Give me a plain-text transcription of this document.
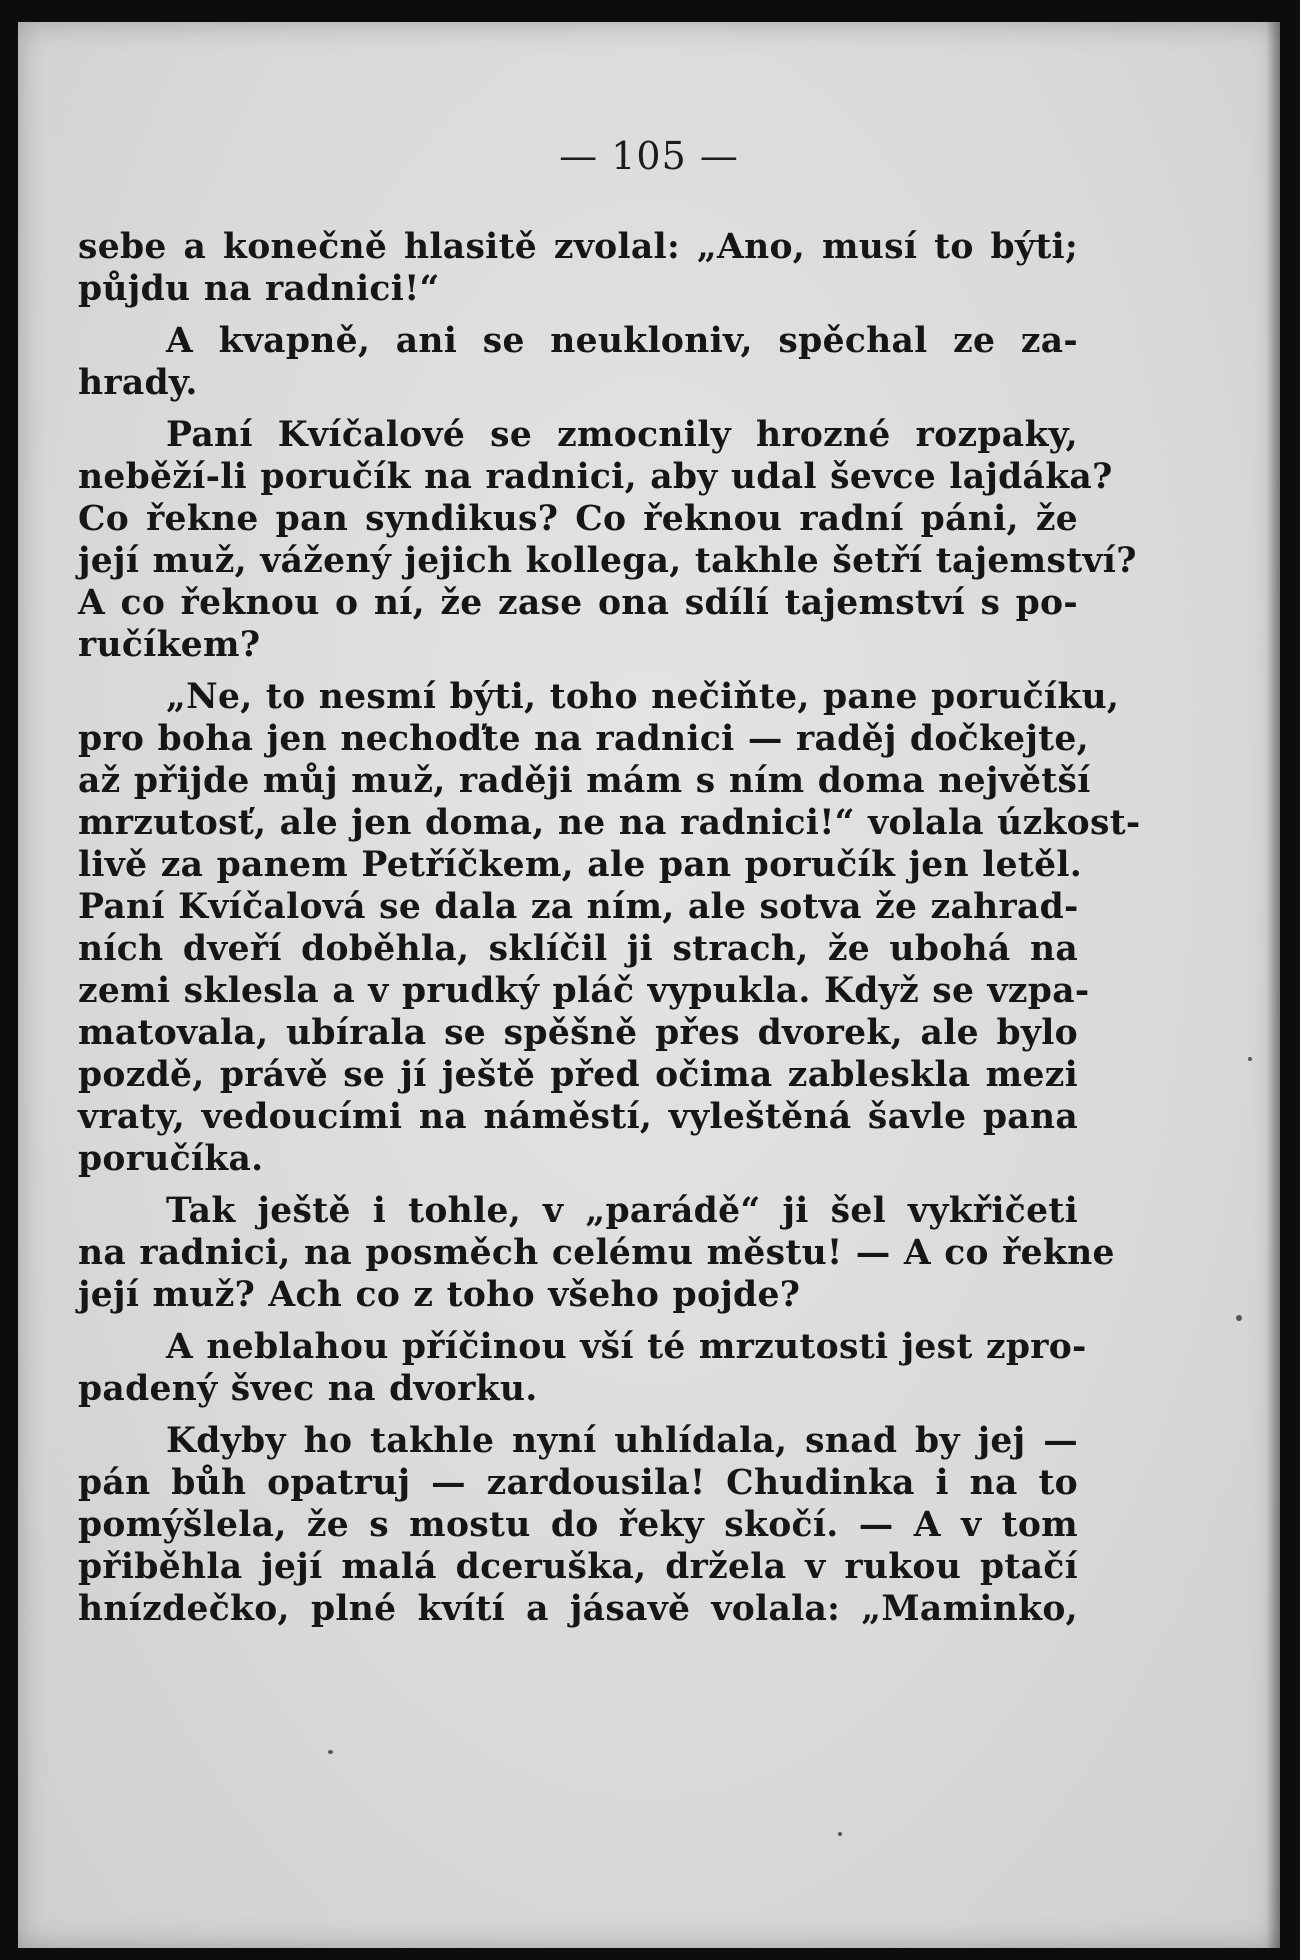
— 105 —
sebe a konečně hlasitě zvolal: „Ano, musí to býti;
půjdu na radnici!“
A kvapně, ani se neukloniv, spěchal ze za-
hrady.
Paní Kvíčalové se zmocnily hrozné rozpaky,
neběží-li poručík na radnici, aby udal ševce lajdáka?
Co řekne pan syndikus? Co řeknou radní páni, že
její muž, vážený jejich kollega, takhle šetří tajemství?
A co řeknou o ní, že zase ona sdílí tajemství s po-
ručíkem?
„Ne, to nesmí býti, toho nečiňte, pane poručíku,
pro boha jen nechoďte na radnici — raděj dočkejte,
až přijde můj muž, raději mám s ním doma největší
mrzutosť, ale jen doma, ne na radnici!“ volala úzkost-
livě za panem Petříčkem, ale pan poručík jen letěl.
Paní Kvíčalová se dala za ním, ale sotva že zahrad-
ních dveří doběhla, sklíčil ji strach, že ubohá na
zemi sklesla a v prudký pláč vypukla. Když se vzpa-
matovala, ubírala se spěšně přes dvorek, ale bylo
pozdě, právě se jí ještě před očima zablesklа mezi
vraty, vedoucími na náměstí, vyleštěná šavle pana
poručíka.
Tak ještě i tohle, v „parádě“ ji šel vykřičeti
na radnici, na posměch celému městu! — A co řekne
její muž? Ach co z toho všeho pojde?
A neblahou příčinou vší té mrzutosti jest zpro-
padený švec na dvorku.
Kdyby ho takhle nyní uhlídala, snad by jej —
pán bůh opatruj — zardousila! Chudinka i na to
pomýšlela, že s mostu do řeky skočí. — A v tom
přiběhla její malá dceruška, držela v rukou ptačí
hnízdečko, plné kvítí a jásavě volala: „Maminko,
